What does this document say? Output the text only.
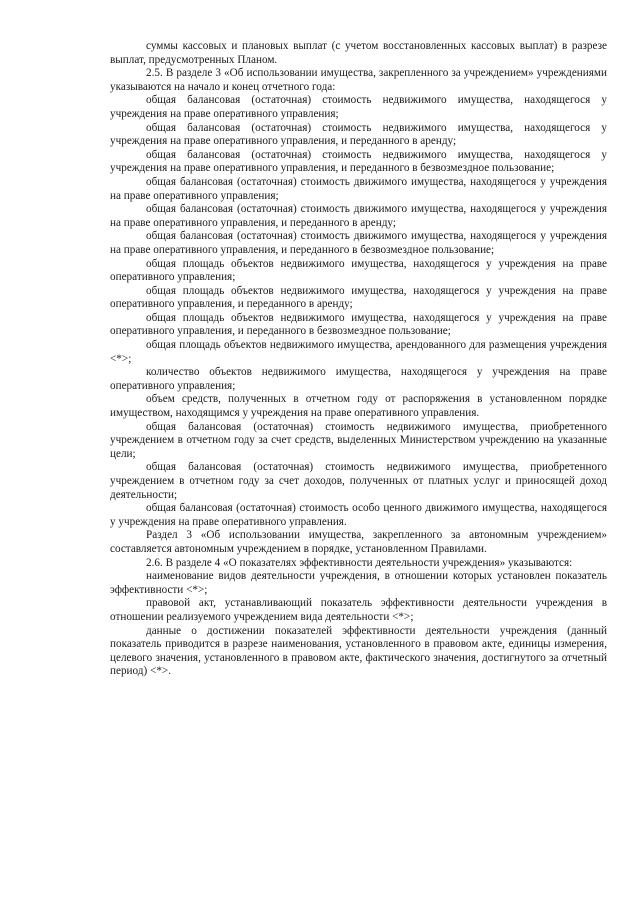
суммы кассовых и плановых выплат (с учетом восстановленных кассовых выплат) в разрезе выплат, предусмотренных Планом.

2.5. В разделе 3 «Об использовании имущества, закрепленного за учреждением» учреждениями указываются на начало и конец отчетного года:

общая балансовая (остаточная) стоимость недвижимого имущества, находящегося у учреждения на праве оперативного управления;

общая балансовая (остаточная) стоимость недвижимого имущества, находящегося у учреждения на праве оперативного управления, и переданного в аренду;

общая балансовая (остаточная) стоимость недвижимого имущества, находящегося у учреждения на праве оперативного управления, и переданного в безвозмездное пользование;

общая балансовая (остаточная) стоимость движимого имущества, находящегося у учреждения на праве оперативного управления;

общая балансовая (остаточная) стоимость движимого имущества, находящегося у учреждения на праве оперативного управления, и переданного в аренду;

общая балансовая (остаточная) стоимость движимого имущества, находящегося у учреждения на праве оперативного управления, и переданного в безвозмездное пользование;

общая площадь объектов недвижимого имущества, находящегося у учреждения на праве оперативного управления;

общая площадь объектов недвижимого имущества, находящегося у учреждения на праве оперативного управления, и переданного в аренду;

общая площадь объектов недвижимого имущества, находящегося у учреждения на праве оперативного управления, и переданного в безвозмездное пользование;

общая площадь объектов недвижимого имущества, арендованного для размещения учреждения <*>;

количество объектов недвижимого имущества, находящегося у учреждения на праве оперативного управления;

объем средств, полученных в отчетном году от распоряжения в установленном порядке имуществом, находящимся у учреждения на праве оперативного управления.

общая балансовая (остаточная) стоимость недвижимого имущества, приобретенного учреждением в отчетном году за счет средств, выделенных Министерством учреждению на указанные цели;

общая балансовая (остаточная) стоимость недвижимого имущества, приобретенного учреждением в отчетном году за счет доходов, полученных от платных услуг и приносящей доход деятельности;

общая балансовая (остаточная) стоимость особо ценного движимого имущества, находящегося у учреждения на праве оперативного управления.

Раздел 3 «Об использовании имущества, закрепленного за автономным учреждением» составляется автономным учреждением в порядке, установленном Правилами.

2.6. В разделе 4 «О показателях эффективности деятельности учреждения» указываются:

наименование видов деятельности учреждения, в отношении которых установлен показатель эффективности <*>;

правовой акт, устанавливающий показатель эффективности деятельности учреждения в отношении реализуемого учреждением вида деятельности <*>;

данные о достижении показателей эффективности деятельности учреждения (данный показатель приводится в разрезе наименования, установленного в правовом акте, единицы измерения, целевого значения, установленного в правовом акте, фактического значения, достигнутого за отчетный период) <*>.
